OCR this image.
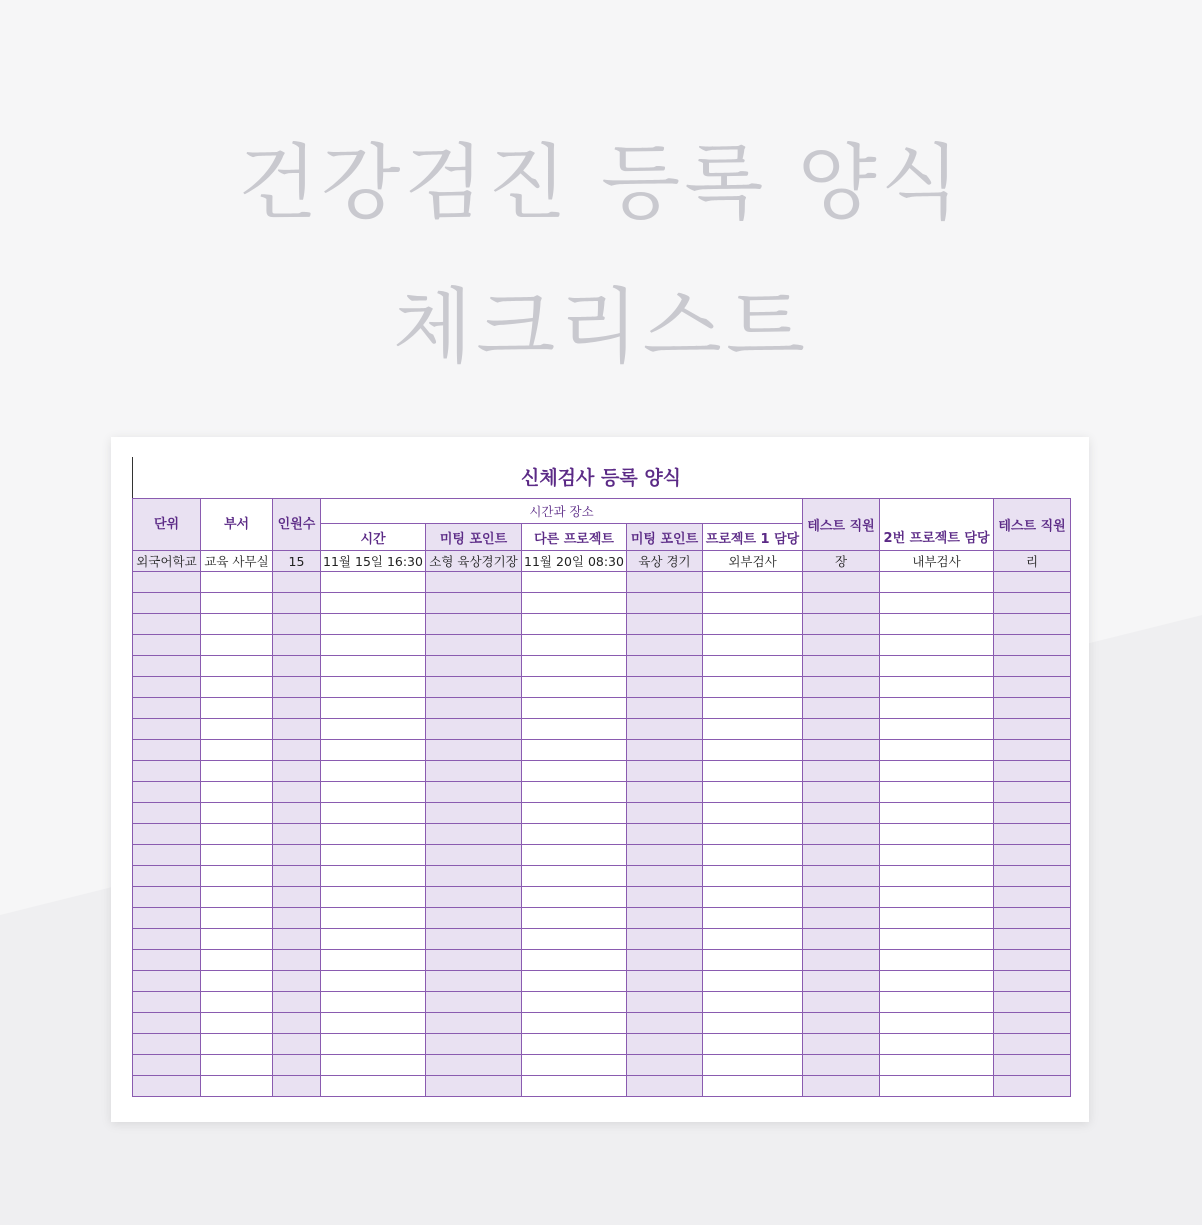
건강검진 등록 양식
체크리스트
신체검사 등록 양식
단위	부서	인원수	시간과 장소					테스트 직원	2번 프로젝트 담당	테스트 직원
			시간	미팅 포인트	다른 프로젝트	미팅 포인트	프로젝트 1 담당			
외국어학교	교육 사무실	15	11월 15일 16:30	소형 육상경기장	11월 20일 08:30	육상 경기	외부검사	장	내부검사	리
